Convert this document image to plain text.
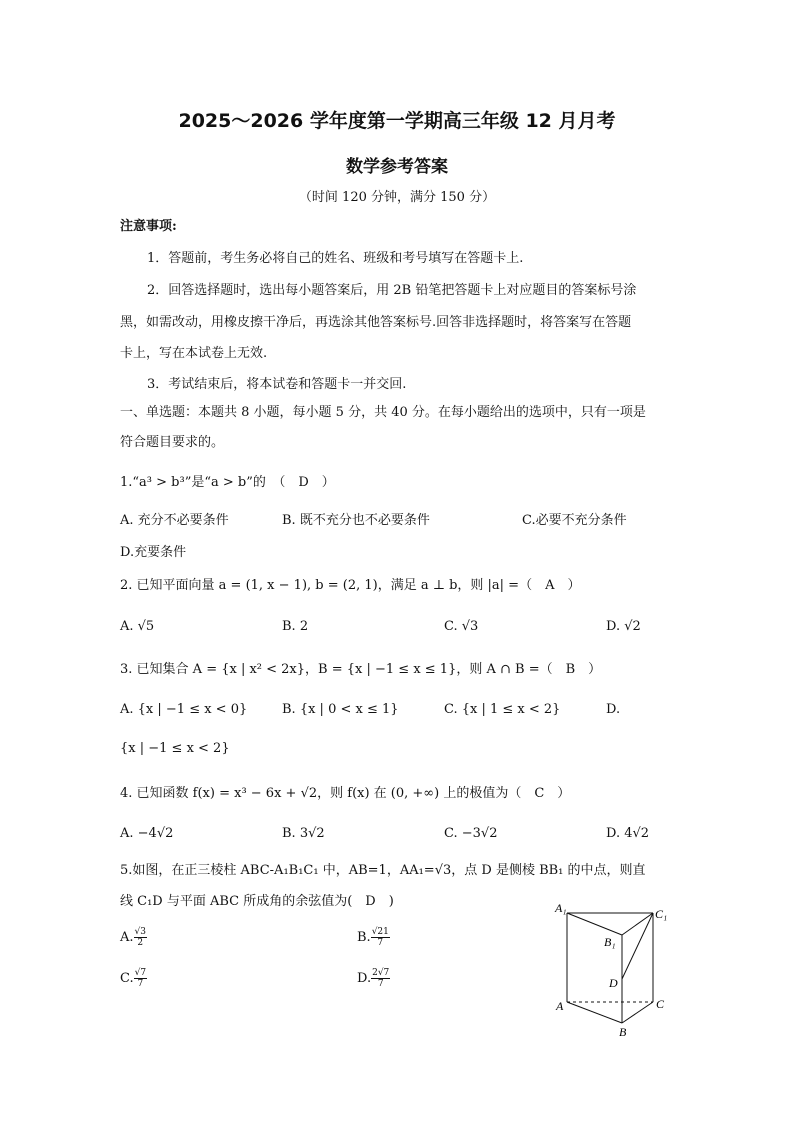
2025～2026 学年度第一学期高三年级 12 月月考
数学参考答案
（时间 120 分钟，满分 150 分）
注意事项:
1．答题前，考生务必将自己的姓名、班级和考号填写在答题卡上.
2．回答选择题时，选出每小题答案后，用 2B 铅笔把答题卡上对应题目的答案标号涂
黑，如需改动，用橡皮擦干净后，再选涂其他答案标号.回答非选择题时，将答案写在答题
卡上，写在本试卷上无效.
3．考试结束后，将本试卷和答题卡一并交回.
一、单选题：本题共 8 小题，每小题 5 分，共 40 分。在每小题给出的选项中，只有一项是
符合题目要求的。
1.“a³ > b³”是“a > b”的　（　D　）
A. 充分不必要条件	B. 既不充分也不必要条件	C.必要不充分条件
D.充要条件
2. 已知平面向量 a = (1, x − 1), b = (2, 1)，满足 a ⊥ b，则 |a| =（　A　）
A. √5	B. 2	C. √3	D. √2
3. 已知集合 A = {x | x² < 2x}，B = {x | −1 ≤ x ≤ 1}，则 A ∩ B =（　B　）
A. {x | −1 ≤ x < 0}	B. {x | 0 < x ≤ 1}	C. {x | 1 ≤ x < 2}	D.
{x | −1 ≤ x < 2}
4. 已知函数 f(x) = x³ − 6x + √2，则 f(x) 在 (0, +∞) 上的极值为（　C　）
A. −4√2	B. 3√2	C. −3√2	D. 4√2
5.如图，在正三棱柱 ABC-A₁B₁C₁ 中，AB=1，AA₁=√3，点 D 是侧棱 BB₁ 的中点，则直
线 C₁D 与平面 ABC 所成角的余弦值为(　D　)
A. $\frac{√3}{2}$	B. $\frac{√21}{7}$
C. $\frac{√7}{7}$	D. $\frac{2√7}{7}$
A₁	C₁
B₁
D
A	C
B
